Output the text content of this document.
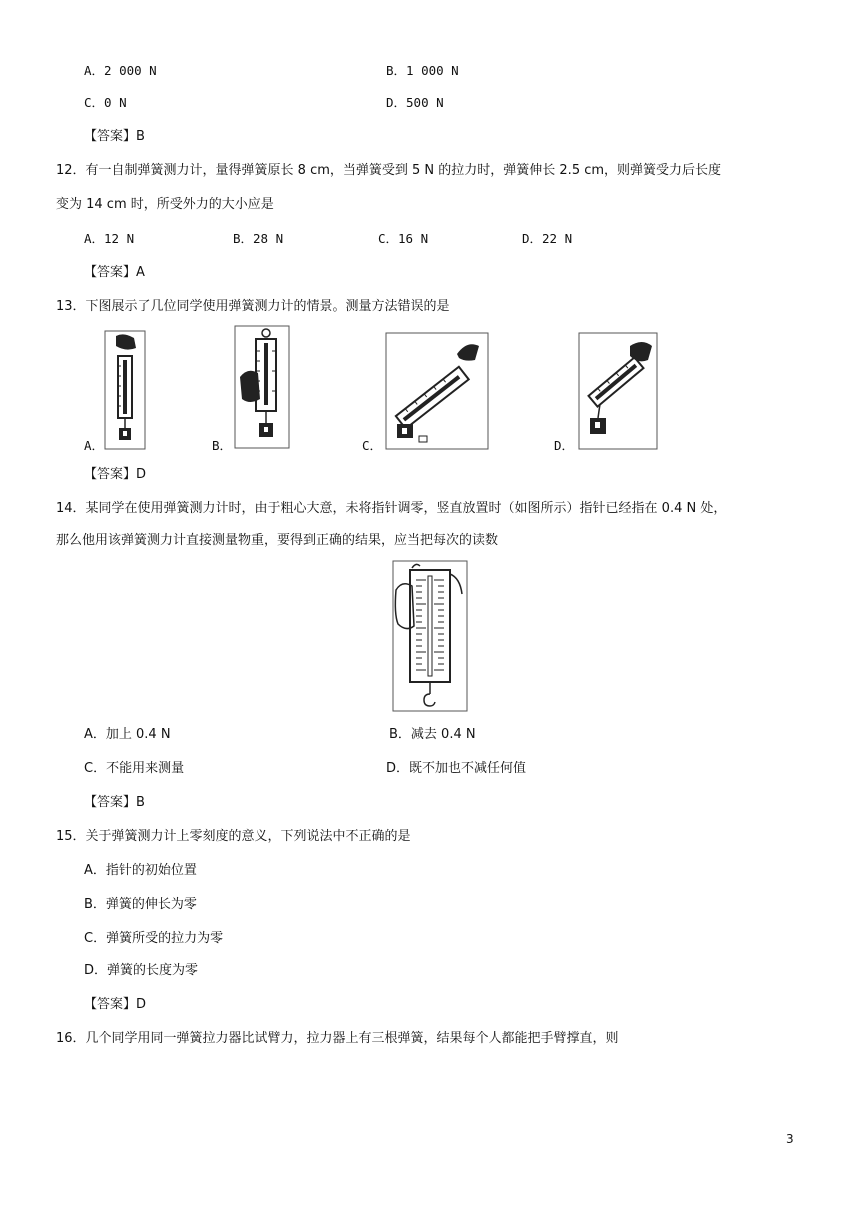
A．2 000 N	B．1 000 N
C．0 N	D．500 N
【答案】B
12．有一自制弹簧测力计，量得弹簧原长 8 cm，当弹簧受到 5 N 的拉力时，弹簧伸长 2.5 cm，则弹簧受力后长度
变为 14 cm 时，所受外力的大小应是
A．12 N	B．28 N	C．16 N	D．22 N
【答案】A
13．下图展示了几位同学使用弹簧测力计的情景。测量方法错误的是
A．	B．	C．	D．
【答案】D
14．某同学在使用弹簧测力计时，由于粗心大意，未将指针调零，竖直放置时（如图所示）指针已经指在 0.4 N 处，
那么他用该弹簧测力计直接测量物重，要得到正确的结果，应当把每次的读数
A．加上 0.4 N	B．减去 0.4 N
C．不能用来测量	D．既不加也不减任何值
【答案】B
15．关于弹簧测力计上零刻度的意义，下列说法中不正确的是
A．指针的初始位置
B．弹簧的伸长为零
C．弹簧所受的拉力为零
D．弹簧的长度为零
【答案】D
16．几个同学用同一弹簧拉力器比试臂力，拉力器上有三根弹簧，结果每个人都能把手臂撑直，则
3
